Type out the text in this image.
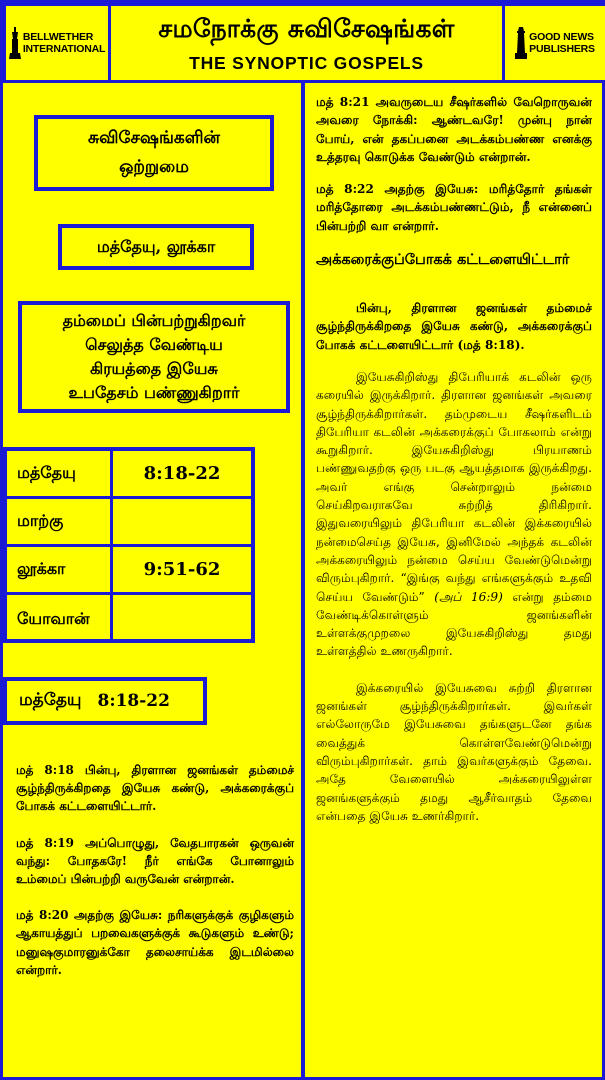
BELLWETHER
INTERNATIONAL
சமநோக்கு சுவிசேஷங்கள்
THE SYNOPTIC GOSPELS
GOOD NEWS
PUBLISHERS
சுவிசேஷங்களின்
ஒற்றுமை
மத்தேயு, லூக்கா
தம்மைப் பின்பற்றுகிறவர்
செலுத்த வேண்டிய
கிரயத்தை இயேசு
உபதேசம் பண்ணுகிறார்
மத்தேயு	8:18-22
மாற்கு
லூக்கா	9:51-62
யோவான்
மத்தேயு 8:18-22

மத் 8:18 பின்பு, திரளான ஜனங்கள் தம்மைச் சூழ்ந்திருக்கிறதை இயேசு கண்டு, அக்கரைக்குப் போகக் கட்டளையிட்டார்.

மத் 8:19 அப்பொழுது, வேதபாரகன் ஒருவன் வந்து: போதகரே! நீர் எங்கே போனாலும் உம்மைப் பின்பற்றி வருவேன் என்றான்.

மத் 8:20 அதற்கு இயேசு: நரிகளுக்குக் குழிகளும் ஆகாயத்துப் பறவைகளுக்குக் கூடுகளும் உண்டு; மனுஷகுமாரனுக்கோ தலைசாய்க்க இடமில்லை என்றார்.

மத் 8:21 அவருடைய சீஷர்களில் வேறொருவன் அவரை நோக்கி: ஆண்டவரே! முன்பு நான் போய், என் தகப்பனை அடக்கம்பண்ண எனக்கு உத்தரவு கொடுக்க வேண்டும் என்றான்.

மத் 8:22 அதற்கு இயேசு: மரித்தோர் தங்கள் மரித்தோரை அடக்கம்பண்ணட்டும், நீ என்னைப் பின்பற்றி வா என்றார்.

அக்கரைக்குப்போகக் கட்டளையிட்டார்

பின்பு, திரளான ஜனங்கள் தம்மைச் சூழ்ந்திருக்கிறதை இயேசு கண்டு, அக்கரைக்குப் போகக் கட்டளையிட்டார் (மத் 8:18).

இயேசுகிறிஸ்து திபேரியாக் கடலின் ஒரு கரையில் இருக்கிறார். திரளான ஜனங்கள் அவரை சூழ்ந்திருக்கிறார்கள். தம்முடைய சீஷர்களிடம் திபேரியா கடலின் அக்கரைக்குப் போகலாம் என்று கூறுகிறார். இயேசுகிறிஸ்து பிரயாணம் பண்ணுவதற்கு ஒரு படகு ஆயத்தமாக இருக்கிறது. அவர் எங்கு சென்றாலும் நன்மை செய்கிறவராகவே சுற்றித் திரிகிறார். இதுவரையிலும் திபேரியா கடலின் இக்கரையில் நன்மைசெய்த இயேசு, இனிமேல் அந்தக் கடலின் அக்கரையிலும் நன்மை செய்ய வேண்டுமென்று விரும்புகிறார். “இங்கு வந்து எங்களுக்கும் உதவி செய்ய வேண்டும்” (அப் 16:9) என்று தம்மை வேண்டிக்கொள்ளும் ஜனங்களின் உள்ளக்குமுறலை இயேசுகிறிஸ்து தமது உள்ளத்தில் உணருகிறார்.

இக்கரையில் இயேசுவை சுற்றி திரளான ஜனங்கள் சூழ்ந்திருக்கிறார்கள். இவர்கள் எல்லோருமே இயேசுவை தங்களுடனே தங்க வைத்துக் கொள்ளவேண்டுமென்று விரும்புகிறார்கள். தாம் இவர்களுக்கும் தேவை. அதே வேளையில் அக்கரையிலுள்ள ஜனங்களுக்கும் தமது ஆசீர்வாதம் தேவை என்பதை இயேசு உணர்கிறார்.
